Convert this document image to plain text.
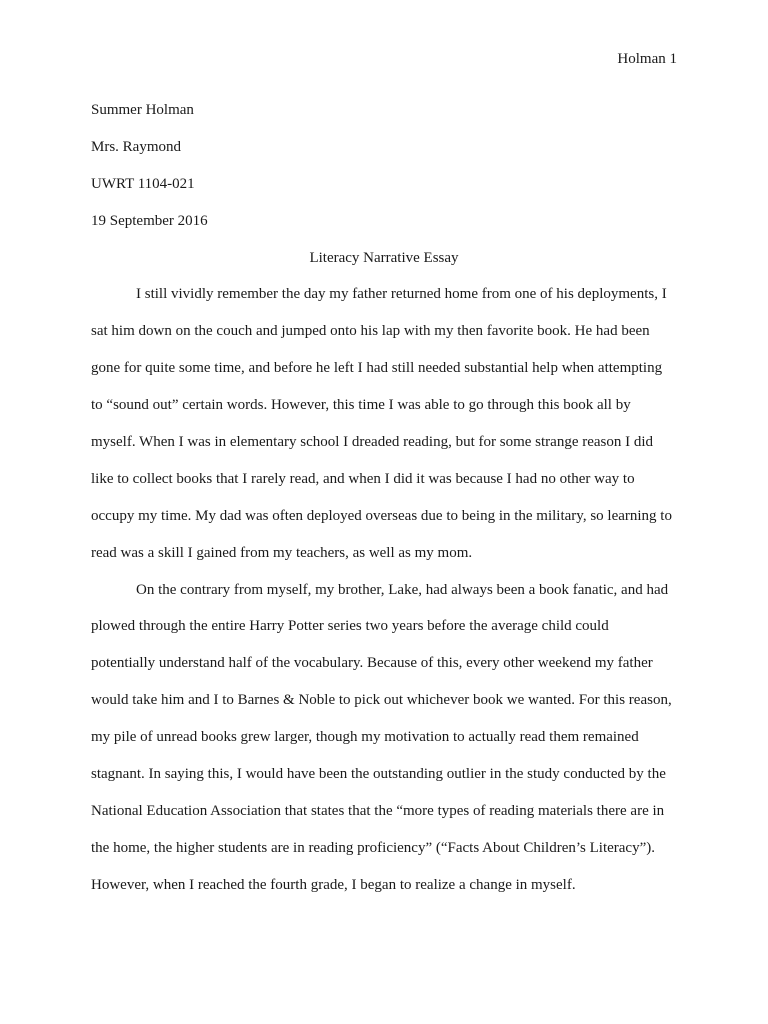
Holman 1
Summer Holman
Mrs. Raymond
UWRT 1104-021
19 September 2016
Literacy Narrative Essay
I still vividly remember the day my father returned home from one of his deployments, I
sat him down on the couch and jumped onto his lap with my then favorite book. He had been
gone for quite some time, and before he left I had still needed substantial help when attempting
to “sound out” certain words. However, this time I was able to go through this book all by
myself. When I was in elementary school I dreaded reading, but for some strange reason I did
like to collect books that I rarely read, and when I did it was because I had no other way to
occupy my time. My dad was often deployed overseas due to being in the military, so learning to
read was a skill I gained from my teachers, as well as my mom.
On the contrary from myself, my brother, Lake, had always been a book fanatic, and had
plowed through the entire Harry Potter series two years before the average child could
potentially understand half of the vocabulary. Because of this, every other weekend my father
would take him and I to Barnes & Noble to pick out whichever book we wanted. For this reason,
my pile of unread books grew larger, though my motivation to actually read them remained
stagnant. In saying this, I would have been the outstanding outlier in the study conducted by the
National Education Association that states that the “more types of reading materials there are in
the home, the higher students are in reading proficiency” (“Facts About Children’s Literacy”).
However, when I reached the fourth grade, I began to realize a change in myself.
